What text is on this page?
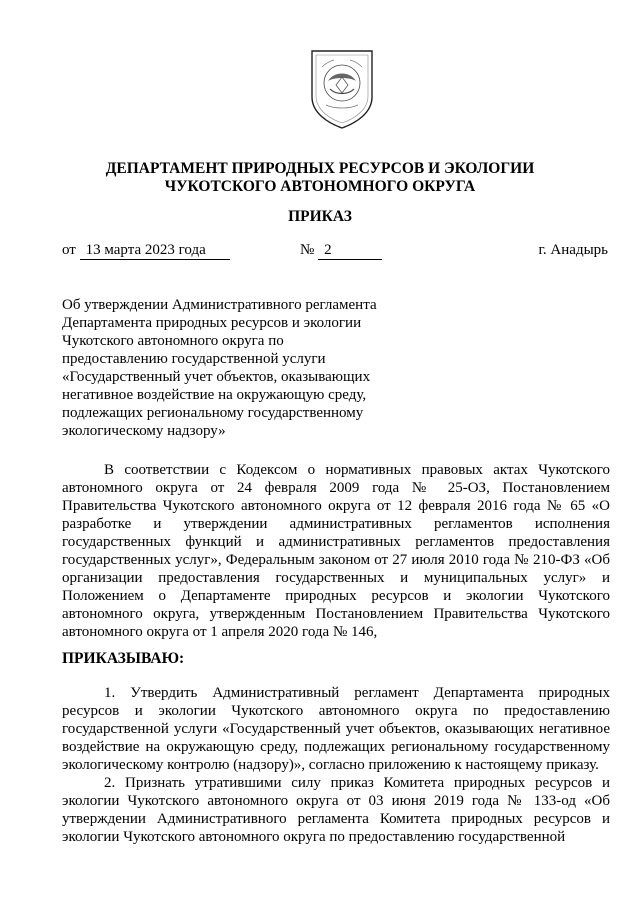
ДЕПАРТАМЕНТ ПРИРОДНЫХ РЕСУРСОВ И ЭКОЛОГИИ
ЧУКОТСКОГО АВТОНОМНОГО ОКРУГА
ПРИКАЗ
от 13 марта 2023 года	№ 2	г. Анадырь
Об утверждении Административного регламента Департамента природных ресурсов и экологии Чукотского автономного округа по предоставлению государственной услуги «Государственный учет объектов, оказывающих негативное воздействие на окружающую среду, подлежащих региональному государственному экологическому надзору»
В соответствии с Кодексом о нормативных правовых актах Чукотского автономного округа от 24 февраля 2009 года № 25-ОЗ, Постановлением Правительства Чукотского автономного округа от 12 февраля 2016 года № 65 «О разработке и утверждении административных регламентов исполнения государственных функций и административных регламентов предоставления государственных услуг», Федеральным законом от 27 июля 2010 года № 210-ФЗ «Об организации предоставления государственных и муниципальных услуг» и Положением о Департаменте природных ресурсов и экологии Чукотского автономного округа, утвержденным Постановлением Правительства Чукотского автономного округа от 1 апреля 2020 года № 146,
ПРИКАЗЫВАЮ:
1. Утвердить Административный регламент Департамента природных ресурсов и экологии Чукотского автономного округа по предоставлению государственной услуги «Государственный учет объектов, оказывающих негативное воздействие на окружающую среду, подлежащих региональному государственному экологическому контролю (надзору)», согласно приложению к настоящему приказу.
2. Признать утратившими силу приказ Комитета природных ресурсов и экологии Чукотского автономного округа от 03 июня 2019 года № 133-од «Об утверждении Административного регламента Комитета природных ресурсов и экологии Чукотского автономного округа по предоставлению государственной
